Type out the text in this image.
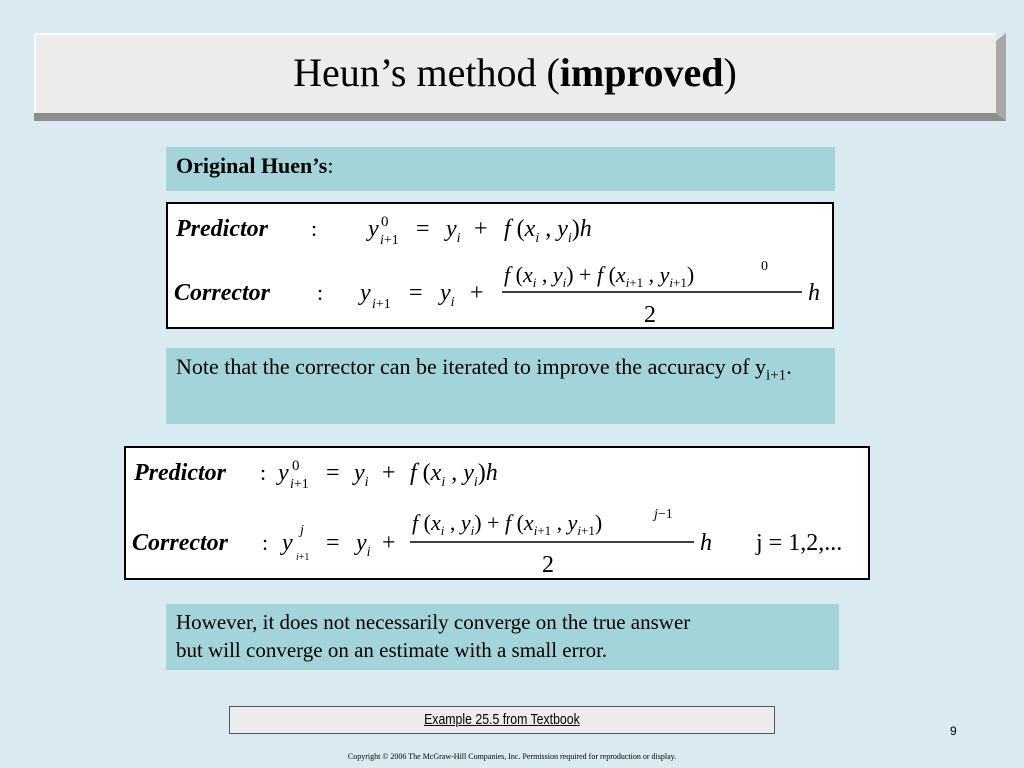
Heun’s method (improved)
Original Huen’s:
Predictor : y 0
$i+1 = y_i + f$ ($x_i$ , $y_i)h$
Corrector : y $i+1 = y_i$ +
f ($x_i$ , $y_i) + f$ ($x_{i+1}$ , $y_{i+1}$)	0
2
h
Note that the corrector can be iterated to improve the accuracy of $y_{i+1}$.
Predictor : y 0
$i+1 = y_i + f$ ($x_i$ , $y_i)h$
Corrector : y j
i+1
= $y_i$ +
f ($x_i$ , $y_i) + f$ ($x_{i+1}$ , $y_{i+1}$)	j−1
2
h j = 1,2,...
However, it does not necessarily converge on the true answer
but will converge on an estimate with a small error.
Example 25.5 from Textbook
9
Copyright © 2006 The McGraw-Hill Companies, Inc. Permission required for reproduction or display.
